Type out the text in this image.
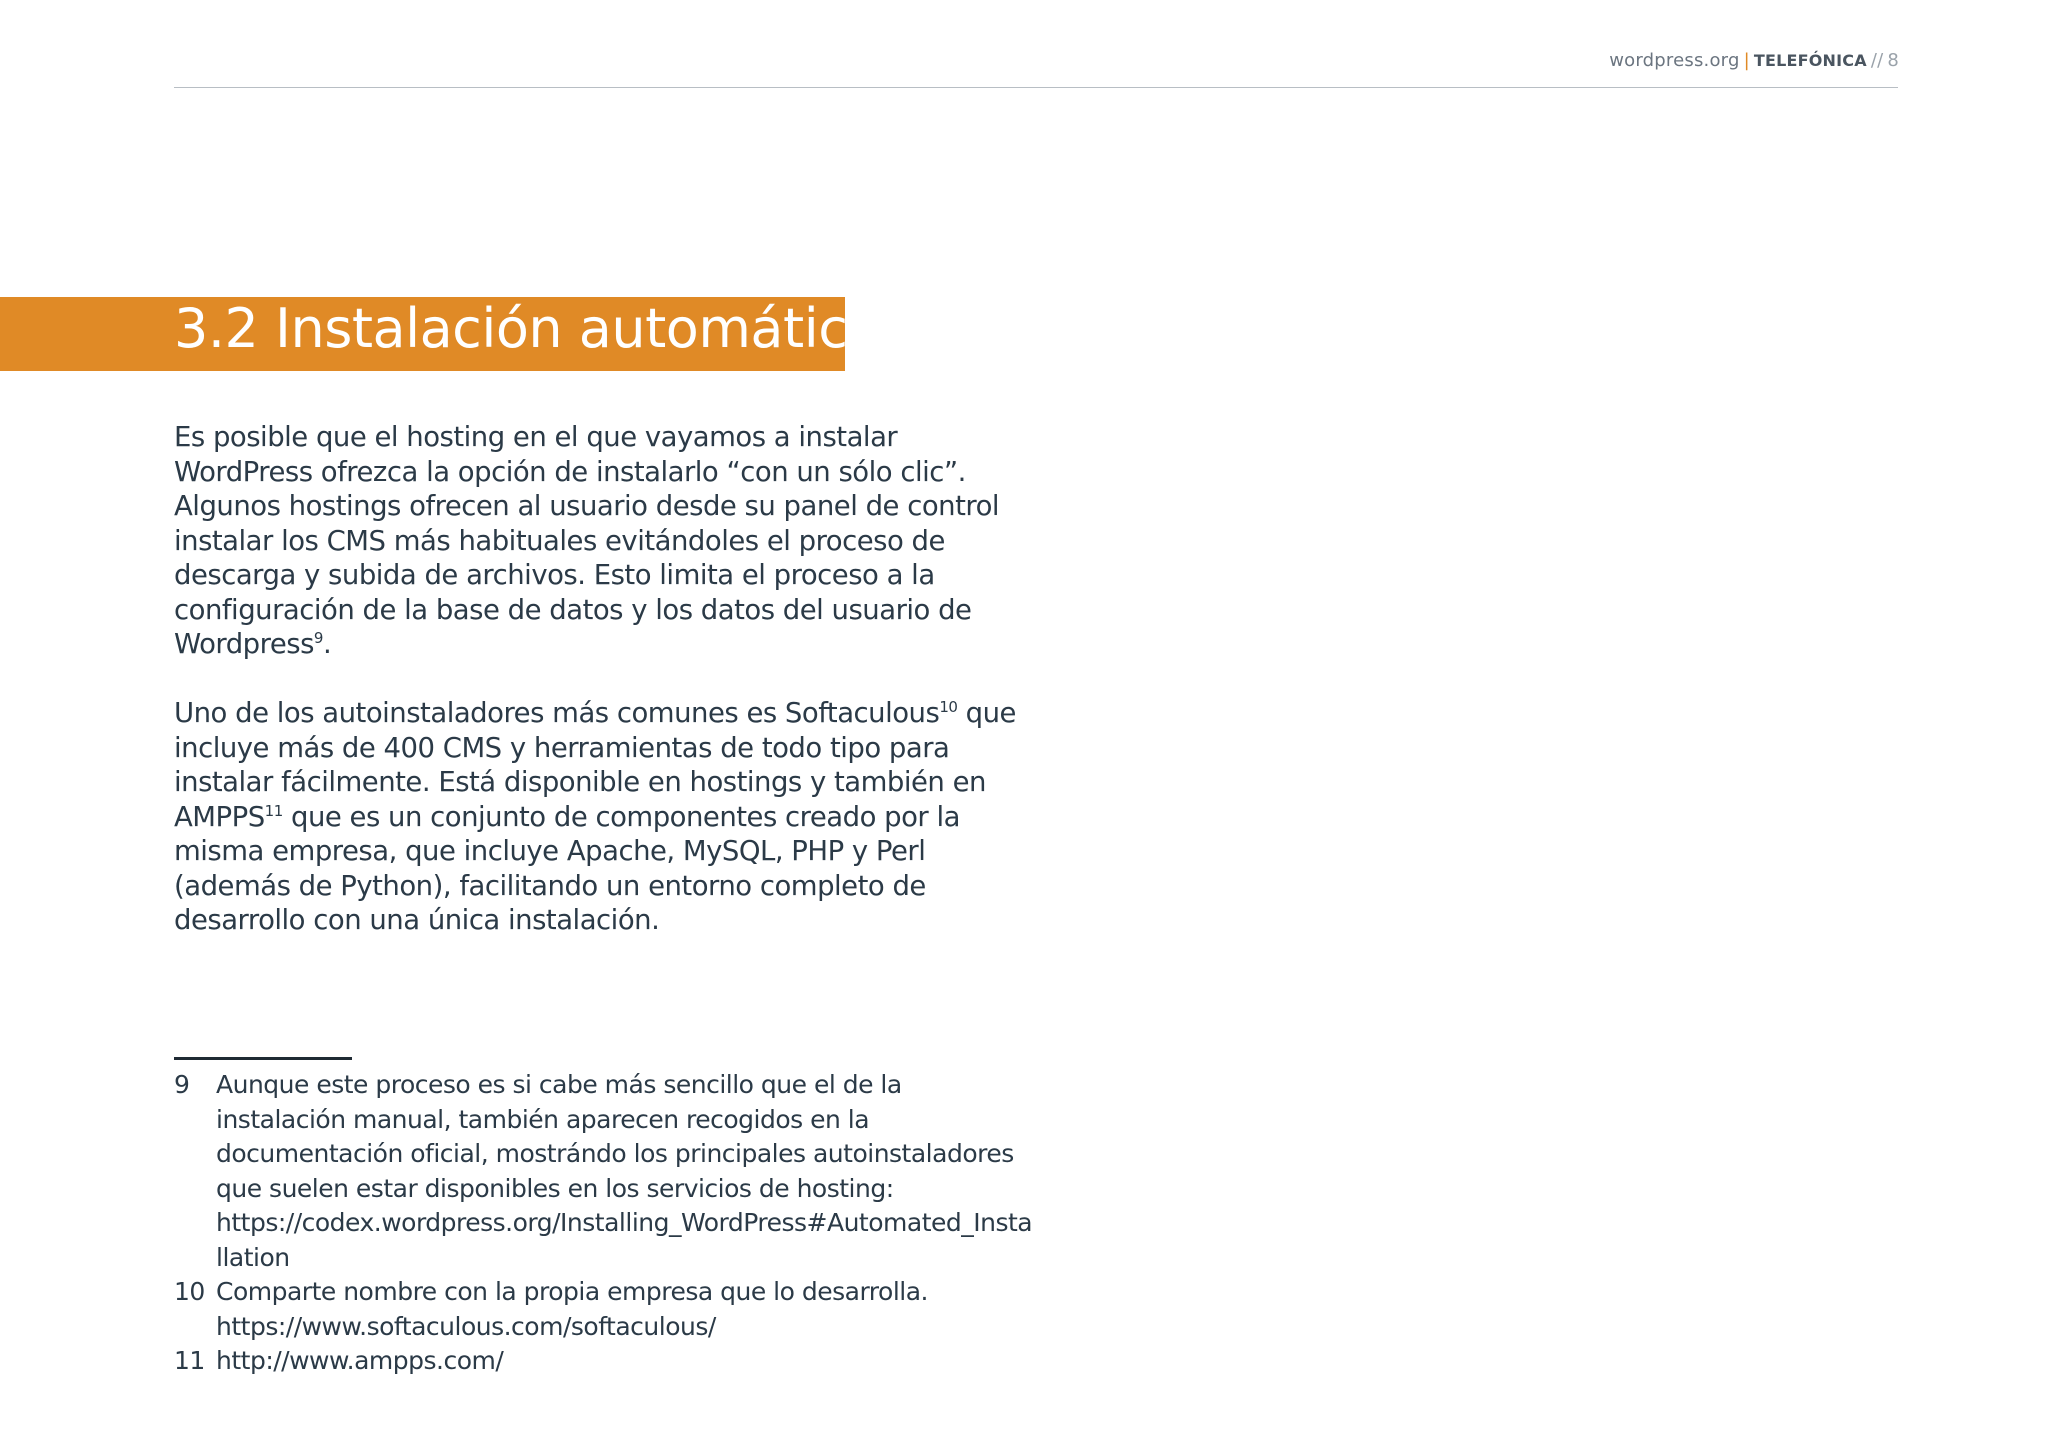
wordpress.org | TELEFÓNICA // 8
3.2 Instalación automática

Es posible que el hosting en el que vayamos a instalar WordPress ofrezca la opción de instalarlo “con un sólo clic”. Algunos hostings ofrecen al usuario desde su panel de control instalar los CMS más habituales evitándoles el proceso de descarga y subida de archivos. Esto limita el proceso a la configuración de la base de datos y los datos del usuario de Wordpress$^9$.

Uno de los autoinstaladores más comunes es Softaculous$^{10}$ que incluye más de 400 CMS y herramientas de todo tipo para instalar fácilmente. Está disponible en hostings y también en AMPPS$^{11}$ que es un conjunto de componentes creado por la misma empresa, que incluye Apache, MySQL, PHP y Perl (además de Python), facilitando un entorno completo de desarrollo con una única instalación.

9	Aunque este proceso es si cabe más sencillo que el de la instalación manual, también aparecen recogidos en la documentación oficial, mostrándo los principales autoinstaladores que suelen estar disponibles en los servicios de hosting:
https://codex.wordpress.org/Installing_WordPress#Automated_Installation
10 Comparte nombre con la propia empresa que lo desarrolla.
https://www.softaculous.com/softaculous/
11 http://www.ampps.com/
